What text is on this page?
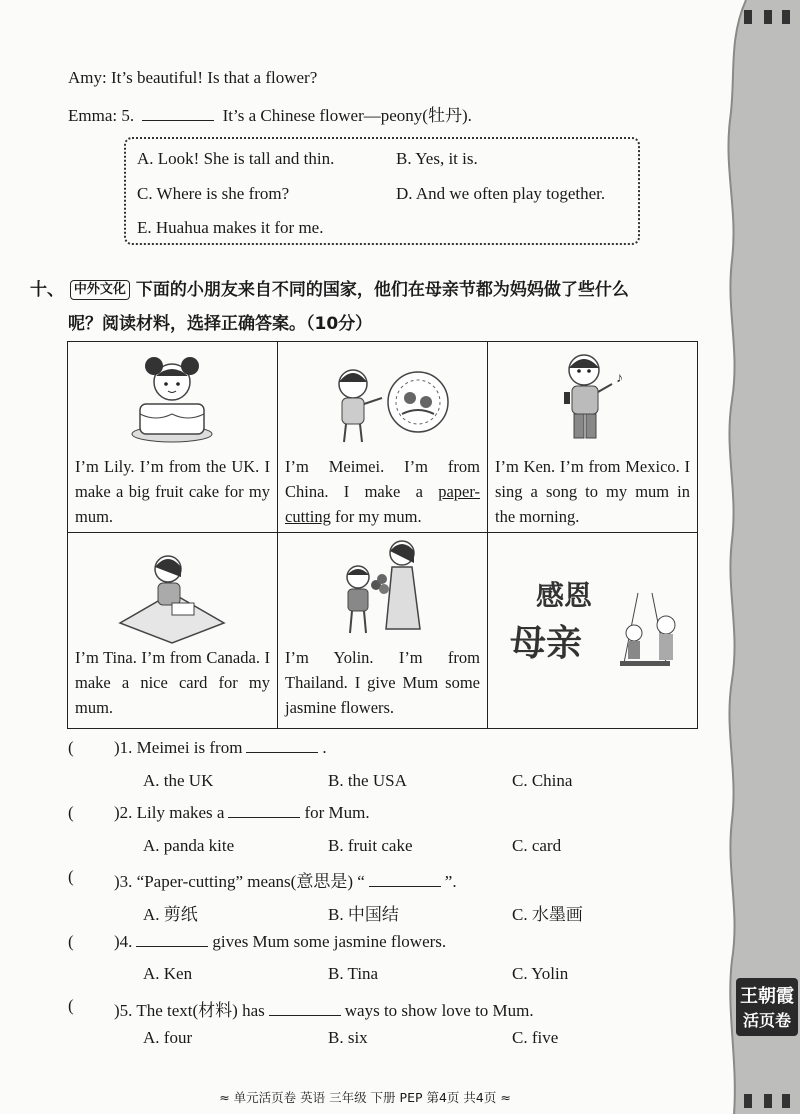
Amy: It’s beautiful! Is that a flower?
Emma: 5.	It’s a Chinese flower—peony(牡丹).
A. Look! She is tall and thin.	B. Yes, it is.
C. Where is she from?	D. And we often play together.
E. Huahua makes it for me.
十、 中外文化 下面的小朋友来自不同的国家，他们在母亲节都为妈妈做了些什么
呢？阅读材料，选择正确答案。（10分）
I’m Lily. I’m from the UK. I make a big fruit cake for my mum.	I’m Meimei. I’m from China. I make a paper-cutting for my mum.	♪
I’m Ken. I’m from Mexico. I sing a song to my mum in the morning.

I’m Tina. I’m from Canada. I make a nice card for my mum.	I’m Yolin. I’m from Thailand. I give Mum some jasmine flowers.	感恩
母亲
( )1. Meimei is from	.
A. the UK	B. the USA	C. China
( )2. Lily makes a	for Mum.
A. panda kite	B. fruit cake	C. card
( )3. “Paper-cutting” means(意思是) “	”.
A. 剪纸	B. 中国结	C. 水墨画
( )4.	gives Mum some jasmine flowers.
A. Ken	B. Tina	C. Yolin
( )5. The text(材料) has	ways to show love to Mum.
A. four	B. six	C. five
王朝霞
活页卷
≈ 单元活页卷 英语 三年级 下册 PEP 第4页 共4页 ≈
